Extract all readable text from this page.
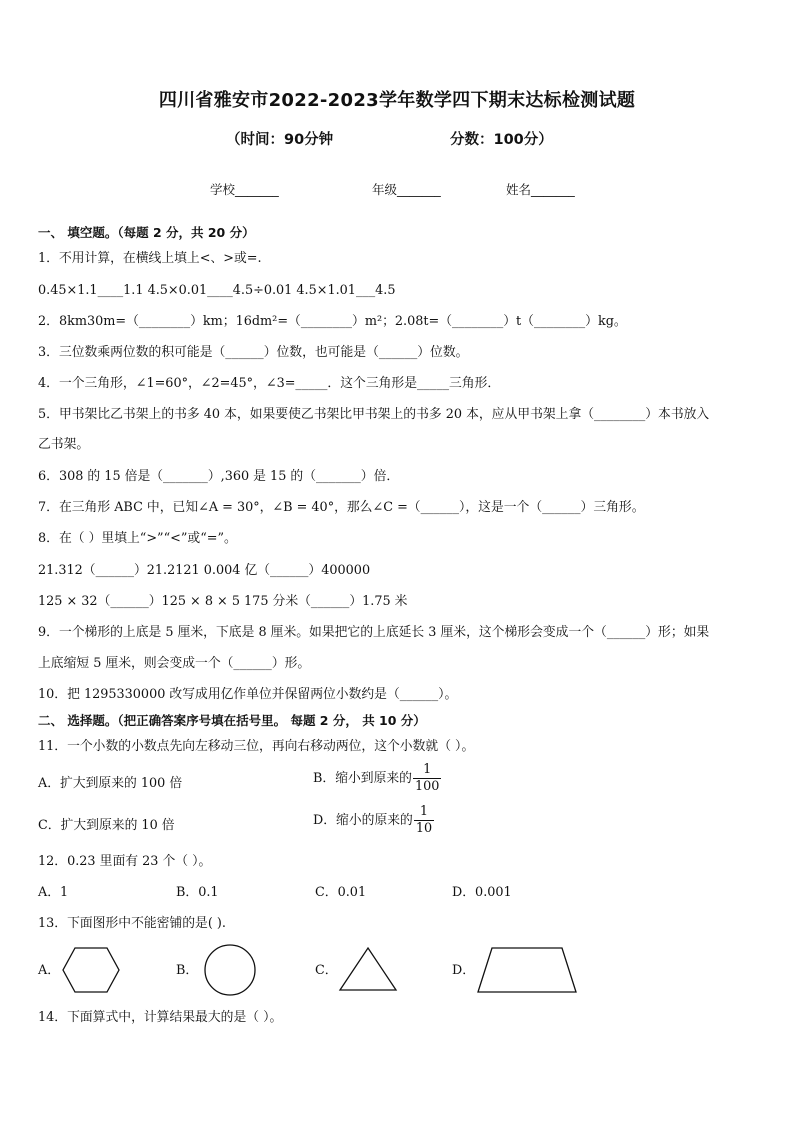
四川省雅安市2022-2023学年数学四下期末达标检测试题
（时间：90分钟	分数：100分）
学校_______	年级_______	姓名_______
一、 填空题。（每题 2 分，共 20 分）
1．不用计算，在横线上填上<、>或=.
0.45×1.1____1.1 4.5×0.01____4.5÷0.01 4.5×1.01___4.5
2．8km30m=（________）km；16dm²=（________）m²；2.08t=（________）t（________）kg。
3．三位数乘两位数的积可能是（______）位数，也可能是（______）位数。
4．一个三角形，∠1=60°，∠2=45°，∠3=_____．这个三角形是_____三角形．
5．甲书架比乙书架上的书多 40 本，如果要使乙书架比甲书架上的书多 20 本，应从甲书架上拿（________）本书放入
乙书架。
6．308 的 15 倍是（_______）,360 是 15 的（_______）倍．
7．在三角形 ABC 中，已知∠A = 30°，∠B = 40°，那么∠C =（______），这是一个（______）三角形。
8．在（ ）里填上“>”“<”或“=”。
21.312（______）21.2121 0.004 亿（______）400000
125 × 32（______）125 × 8 × 5 175 分米（______）1.75 米
9．一个梯形的上底是 5 厘米，下底是 8 厘米。如果把它的上底延长 3 厘米，这个梯形会变成一个（______）形；如果
上底缩短 5 厘米，则会变成一个（______）形。
10．把 1295330000 改写成用亿作单位并保留两位小数约是（______）。
二、 选择题。（把正确答案序号填在括号里。 每题 2 分， 共 10 分）
11．一个小数的小数点先向左移动三位，再向右移动两位，这个小数就（ ）。
A．扩大到原来的 100 倍	B．缩小到原来的 $\frac{1}{100}$
C．扩大到原来的 10 倍	D．缩小的原来的 $\frac{1}{10}$
12．0.23 里面有 23 个（ ）。
A．1	B．0.1	C．0.01	D．0.001
13．下面图形中不能密铺的是( ).
A．	B．	C．	D．
14．下面算式中，计算结果最大的是（ ）。
